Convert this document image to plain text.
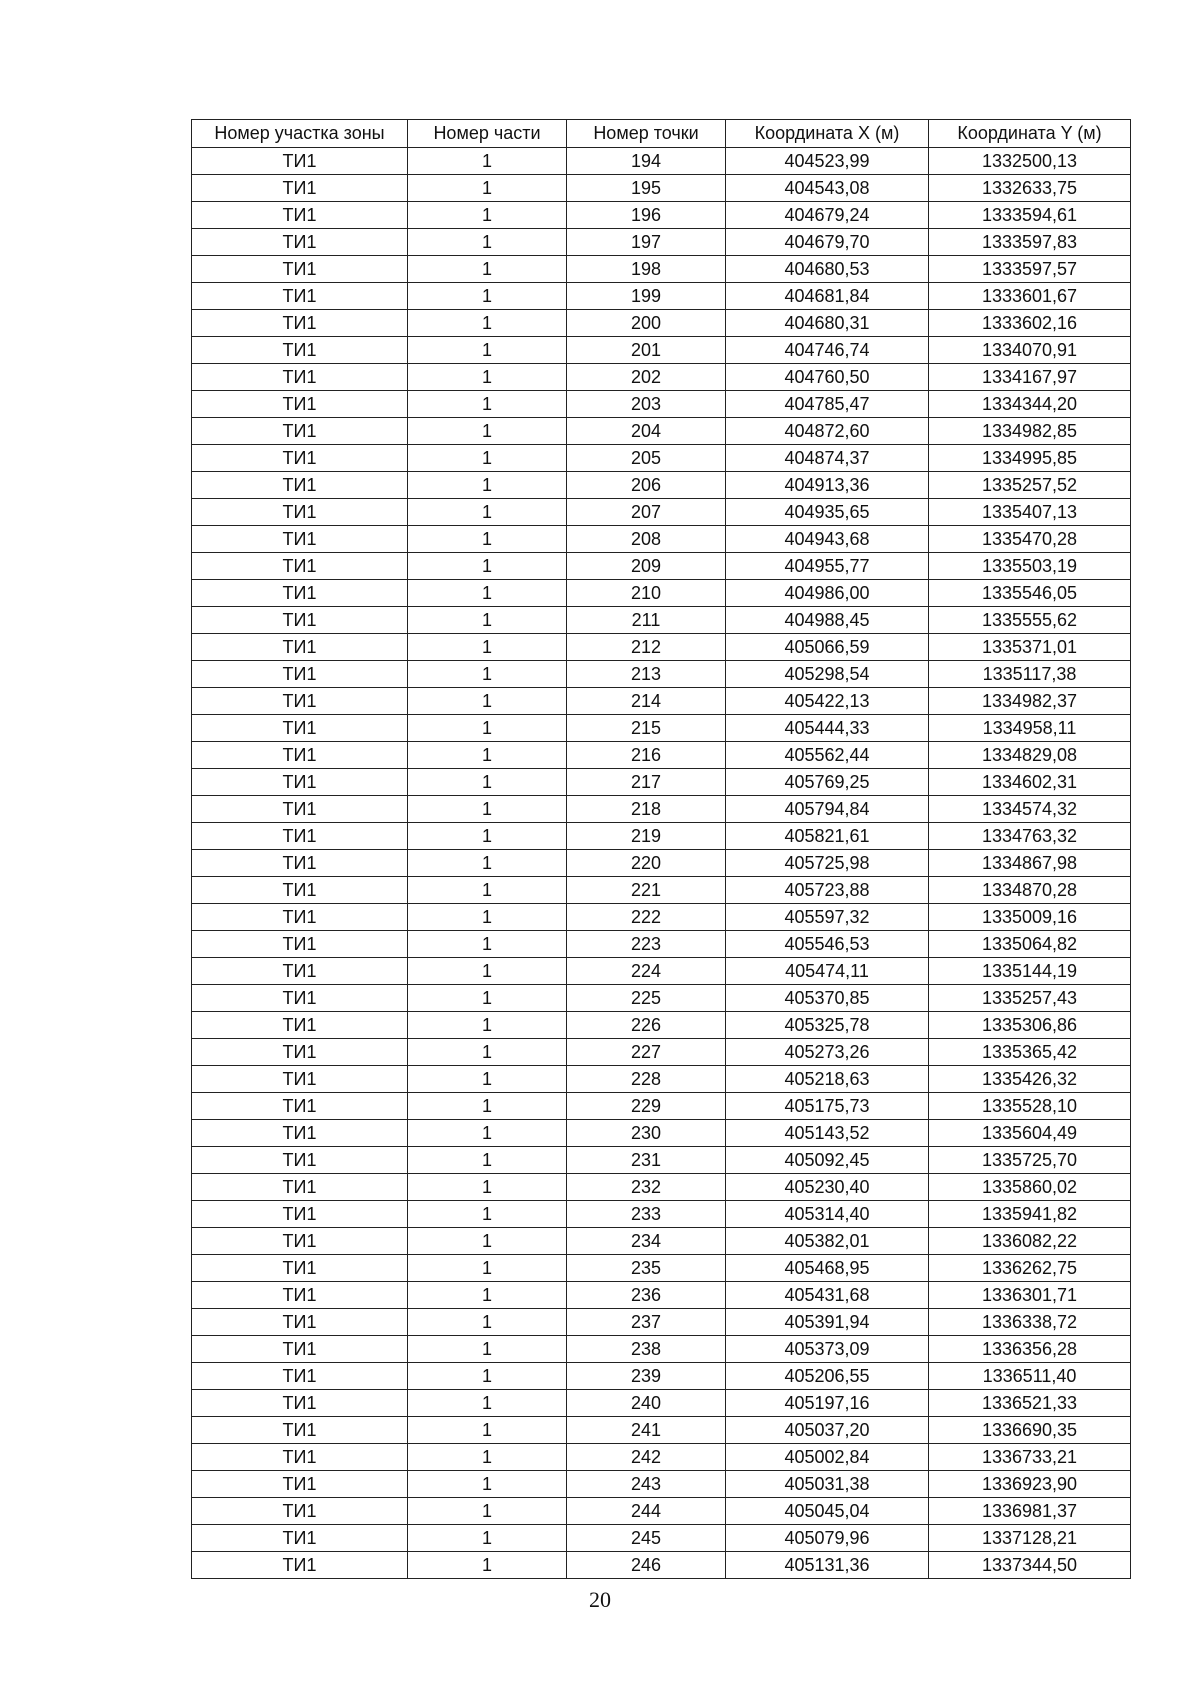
Номер участка зоны	Номер части	Номер точки	Координата X (м)	Координата Y (м)
ТИ1	1	194	404523,99	1332500,13
ТИ1	1	195	404543,08	1332633,75
ТИ1	1	196	404679,24	1333594,61
ТИ1	1	197	404679,70	1333597,83
ТИ1	1	198	404680,53	1333597,57
ТИ1	1	199	404681,84	1333601,67
ТИ1	1	200	404680,31	1333602,16
ТИ1	1	201	404746,74	1334070,91
ТИ1	1	202	404760,50	1334167,97
ТИ1	1	203	404785,47	1334344,20
ТИ1	1	204	404872,60	1334982,85
ТИ1	1	205	404874,37	1334995,85
ТИ1	1	206	404913,36	1335257,52
ТИ1	1	207	404935,65	1335407,13
ТИ1	1	208	404943,68	1335470,28
ТИ1	1	209	404955,77	1335503,19
ТИ1	1	210	404986,00	1335546,05
ТИ1	1	211	404988,45	1335555,62
ТИ1	1	212	405066,59	1335371,01
ТИ1	1	213	405298,54	1335117,38
ТИ1	1	214	405422,13	1334982,37
ТИ1	1	215	405444,33	1334958,11
ТИ1	1	216	405562,44	1334829,08
ТИ1	1	217	405769,25	1334602,31
ТИ1	1	218	405794,84	1334574,32
ТИ1	1	219	405821,61	1334763,32
ТИ1	1	220	405725,98	1334867,98
ТИ1	1	221	405723,88	1334870,28
ТИ1	1	222	405597,32	1335009,16
ТИ1	1	223	405546,53	1335064,82
ТИ1	1	224	405474,11	1335144,19
ТИ1	1	225	405370,85	1335257,43
ТИ1	1	226	405325,78	1335306,86
ТИ1	1	227	405273,26	1335365,42
ТИ1	1	228	405218,63	1335426,32
ТИ1	1	229	405175,73	1335528,10
ТИ1	1	230	405143,52	1335604,49
ТИ1	1	231	405092,45	1335725,70
ТИ1	1	232	405230,40	1335860,02
ТИ1	1	233	405314,40	1335941,82
ТИ1	1	234	405382,01	1336082,22
ТИ1	1	235	405468,95	1336262,75
ТИ1	1	236	405431,68	1336301,71
ТИ1	1	237	405391,94	1336338,72
ТИ1	1	238	405373,09	1336356,28
ТИ1	1	239	405206,55	1336511,40
ТИ1	1	240	405197,16	1336521,33
ТИ1	1	241	405037,20	1336690,35
ТИ1	1	242	405002,84	1336733,21
ТИ1	1	243	405031,38	1336923,90
ТИ1	1	244	405045,04	1336981,37
ТИ1	1	245	405079,96	1337128,21
ТИ1	1	246	405131,36	1337344,50
20
